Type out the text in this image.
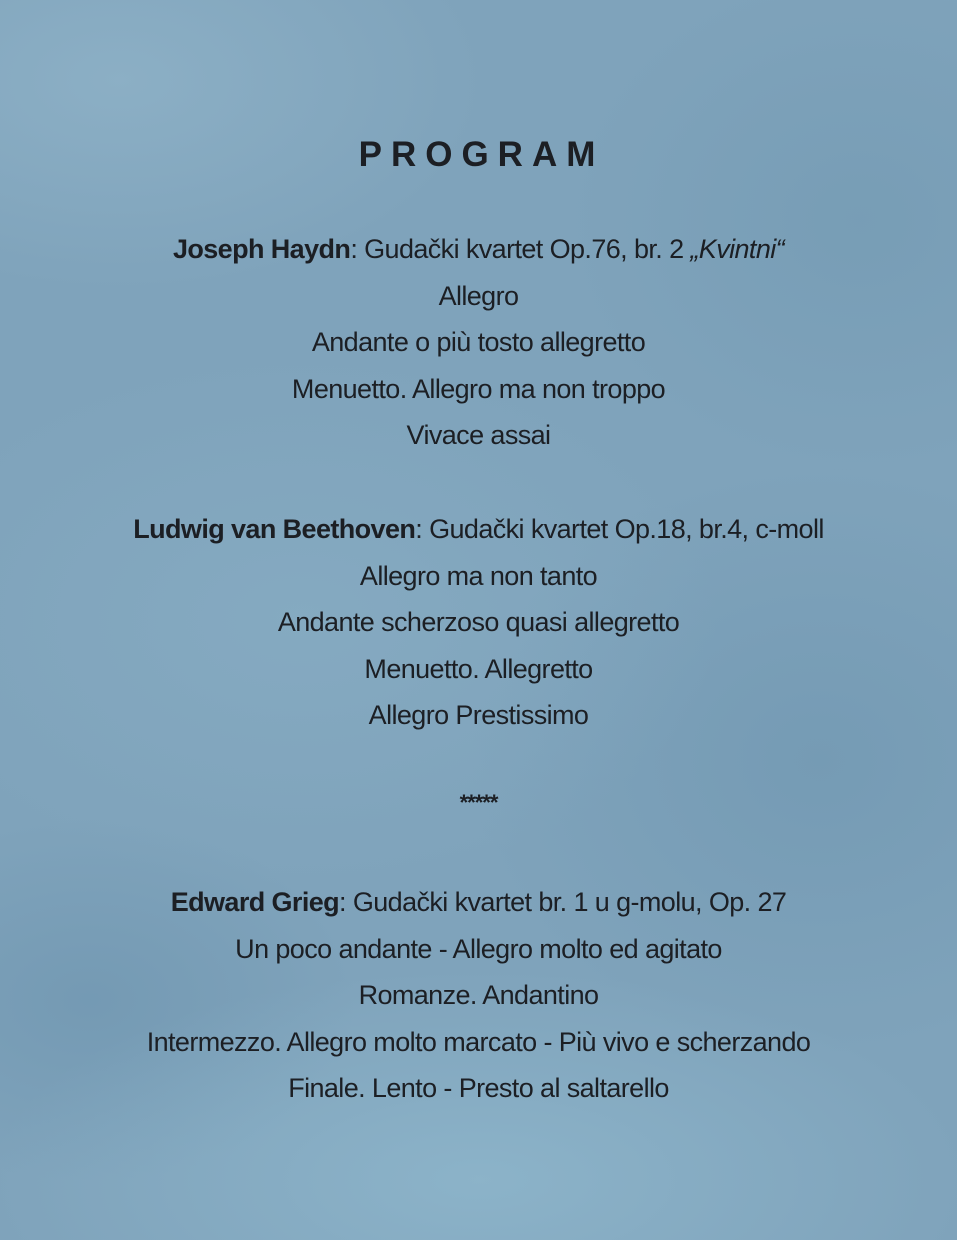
PROGRAM
Joseph Haydn: Gudački kvartet Op.76, br. 2 „Kvintni“
Allegro
Andante o più tosto allegretto
Menuetto. Allegro ma non troppo
Vivace assai
Ludwig van Beethoven: Gudački kvartet Op.18, br.4, c-moll
Allegro ma non tanto
Andante scherzoso quasi allegretto
Menuetto. Allegretto
Allegro Prestissimo
*****
Edward Grieg: Gudački kvartet br. 1 u g-molu, Op. 27
Un poco andante - Allegro molto ed agitato
Romanze. Andantino
Intermezzo. Allegro molto marcato - Più vivo e scherzando
Finale. Lento - Presto al saltarello
